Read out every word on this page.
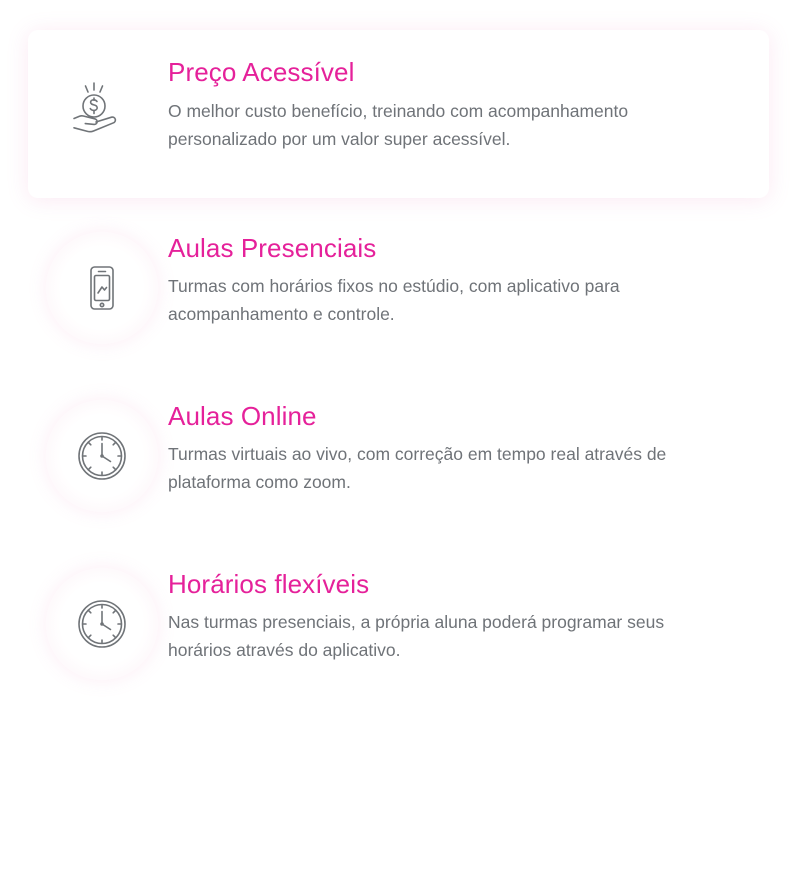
Preço Acessível

O melhor custo benefício, treinando com acompanhamento personalizado por um valor super acessível.

Aulas Presenciais

Turmas com horários fixos no estúdio, com aplicativo para acompanhamento e controle.

Aulas Online

Turmas virtuais ao vivo, com correção em tempo real através de plataforma como zoom.

Horários flexíveis

Nas turmas presenciais, a própria aluna poderá programar seus horários através do aplicativo.
